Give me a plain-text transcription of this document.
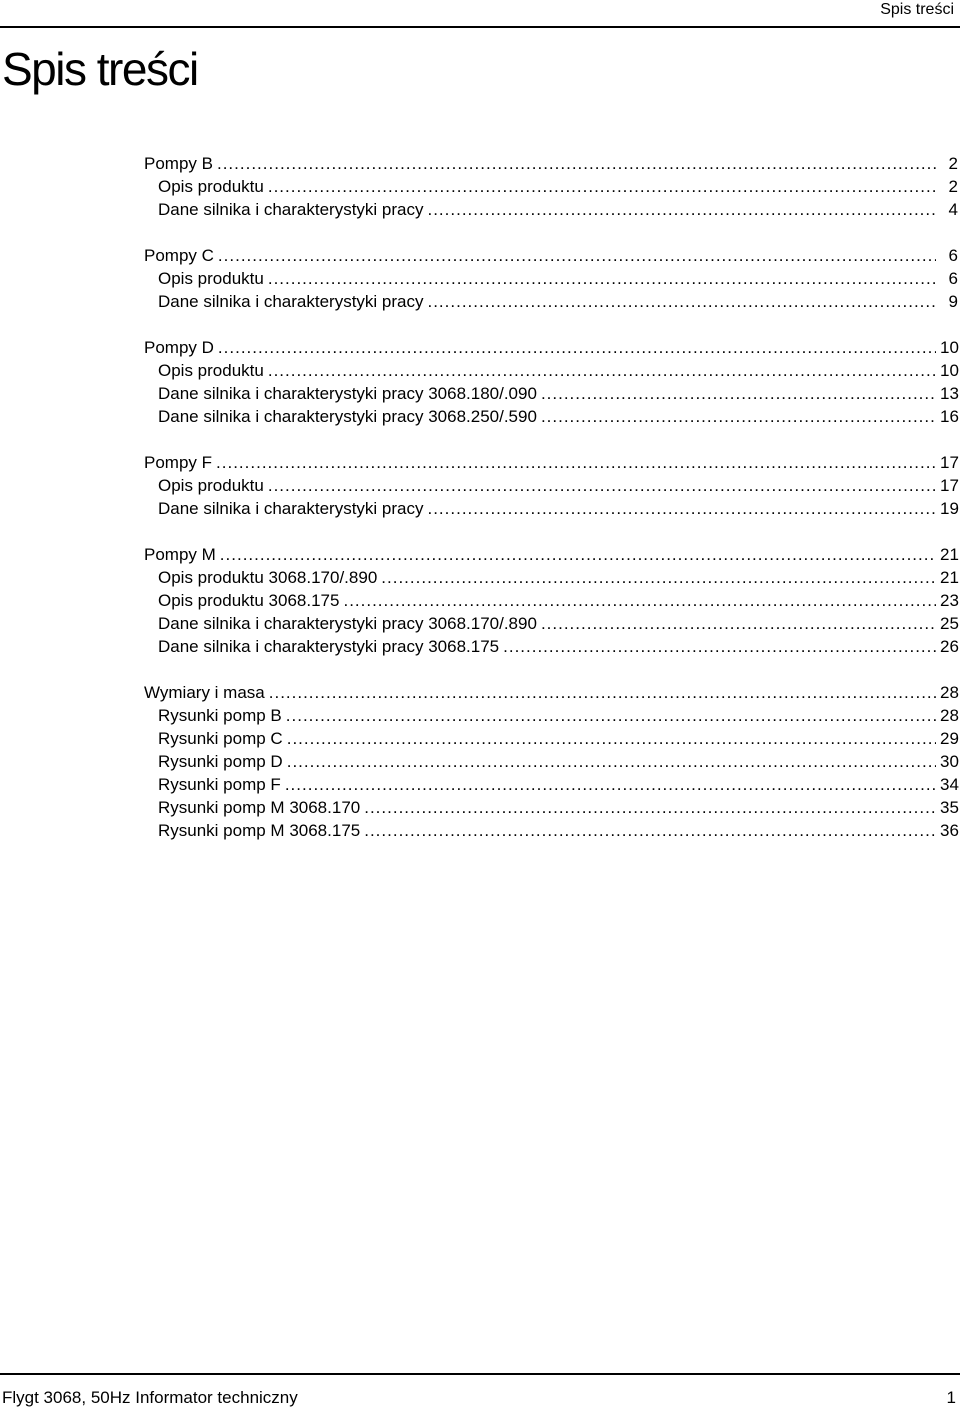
Spis treści
Spis treści
Pompy B .....	2
Opis produktu .....	2
Dane silnika i charakterystyki pracy .....	4
Pompy C .....	6
Opis produktu .....	6
Dane silnika i charakterystyki pracy .....	9
Pompy D .....	10
Opis produktu .....	10
Dane silnika i charakterystyki pracy 3068.180/.090 .....	13
Dane silnika i charakterystyki pracy 3068.250/.590 .....	16
Pompy F .....	17
Opis produktu .....	17
Dane silnika i charakterystyki pracy .....	19
Pompy M .....	21
Opis produktu 3068.170/.890 .....	21
Opis produktu 3068.175 .....	23
Dane silnika i charakterystyki pracy 3068.170/.890 .....	25
Dane silnika i charakterystyki pracy 3068.175 .....	26
Wymiary i masa .....	28
Rysunki pomp B .....	28
Rysunki pomp C .....	29
Rysunki pomp D .....	30
Rysunki pomp F .....	34
Rysunki pomp M 3068.170 .....	35
Rysunki pomp M 3068.175 .....	36
Flygt 3068, 50Hz Informator techniczny	1
